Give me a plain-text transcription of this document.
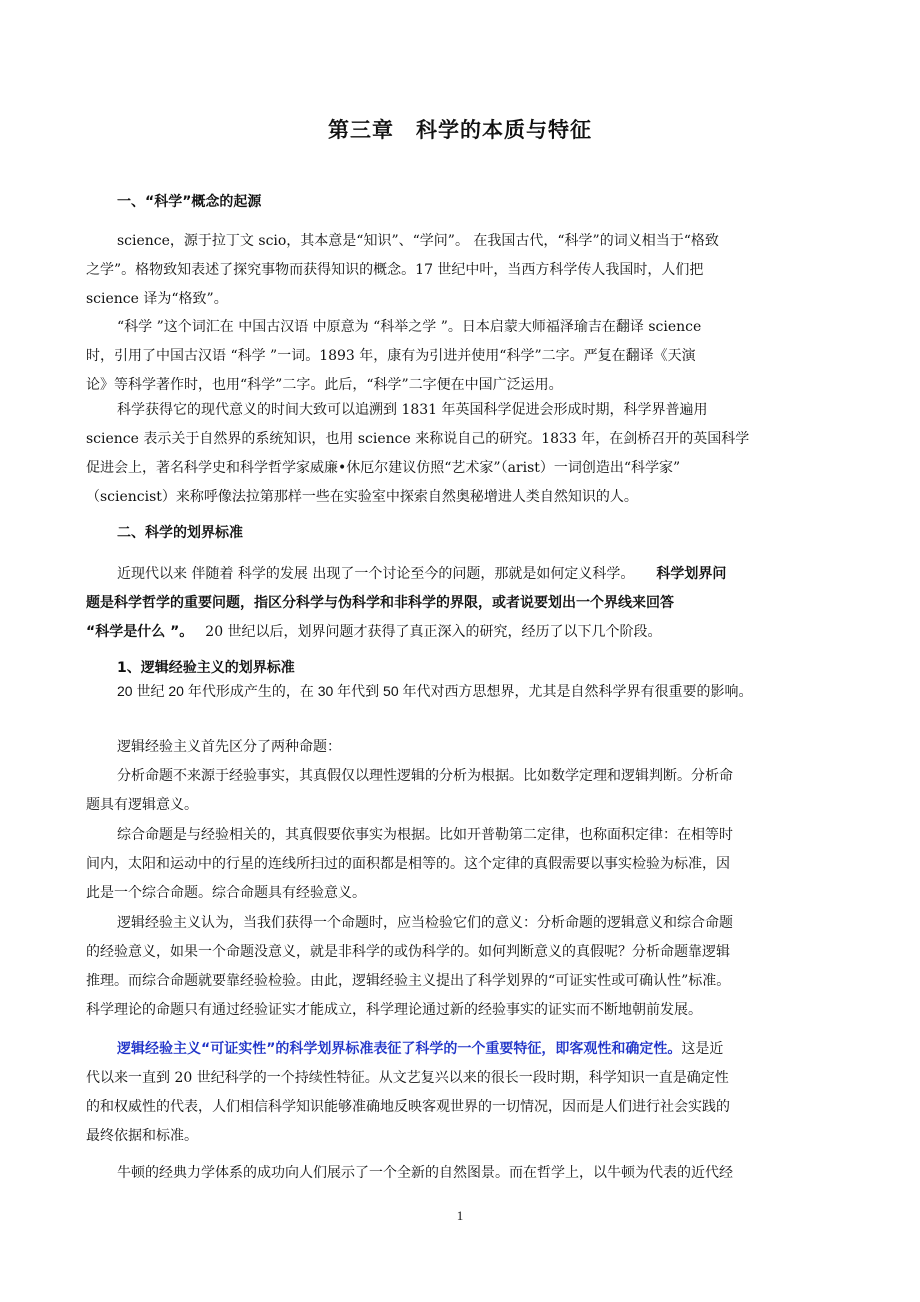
第三章　科学的本质与特征
一、“科学”概念的起源
science，源于拉丁文 scio，其本意是“知识”、“学问”。 在我国古代，“科学”的词义相当于“格致
之学”。格物致知表述了探究事物而获得知识的概念。17 世纪中叶，当西方科学传人我国时，人们把
science 译为“格致”。
“科学 ”这个词汇在 中国古汉语 中原意为 “科举之学 ”。日本启蒙大师福泽瑜吉在翻译 science
时，引用了中国古汉语 “科学 ”一词。1893 年，康有为引进并使用“科学”二字。严复在翻译《天演
论》等科学著作时，也用“科学”二字。此后，“科学”二字便在中国广泛运用。
科学获得它的现代意义的时间大致可以追溯到 1831 年英国科学促进会形成时期，科学界普遍用
science 表示关于自然界的系统知识，也用 science 来称说自己的研究。1833 年，在剑桥召开的英国科学
促进会上，著名科学史和科学哲学家威廉•休厄尔建议仿照“艺术家”（arist）一词创造出“科学家”
（sciencist）来称呼像法拉第那样一些在实验室中探索自然奥秘增进人类自然知识的人。
二、科学的划界标准
近现代以来 伴随着 科学的发展 出现了一个讨论至今的问题，那就是如何定义科学。 科学划界问
题是科学哲学的重要问题，指区分科学与伪科学和非科学的界限，或者说要划出一个界线来回答
“科学是什么 ”。 20 世纪以后，划界问题才获得了真正深入的研究，经历了以下几个阶段。
1、逻辑经验主义的划界标准
20 世纪 20 年代形成产生的，在 30 年代到 50 年代对西方思想界，尤其是自然科学界有很重要的影响。
逻辑经验主义首先区分了两种命题：
分析命题不来源于经验事实，其真假仅以理性逻辑的分析为根据。比如数学定理和逻辑判断。分析命
题具有逻辑意义。
综合命题是与经验相关的，其真假要依事实为根据。比如开普勒第二定律，也称面积定律：在相等时
间内，太阳和运动中的行星的连线所扫过的面积都是相等的。这个定律的真假需要以事实检验为标准，因
此是一个综合命题。综合命题具有经验意义。
逻辑经验主义认为，当我们获得一个命题时，应当检验它们的意义：分析命题的逻辑意义和综合命题
的经验意义，如果一个命题没意义，就是非科学的或伪科学的。如何判断意义的真假呢？分析命题靠逻辑
推理。而综合命题就要靠经验检验。由此，逻辑经验主义提出了科学划界的“可证实性或可确认性”标准。
科学理论的命题只有通过经验证实才能成立，科学理论通过新的经验事实的证实而不断地朝前发展。
逻辑经验主义“可证实性”的科学划界标准表征了科学的一个重要特征，即客观性和确定性。这是近
代以来一直到 20 世纪科学的一个持续性特征。从文艺复兴以来的很长一段时期，科学知识一直是确定性
的和权威性的代表，人们相信科学知识能够准确地反映客观世界的一切情况，因而是人们进行社会实践的
最终依据和标准。
牛顿的经典力学体系的成功向人们展示了一个全新的自然图景。而在哲学上，以牛顿为代表的近代经
1
